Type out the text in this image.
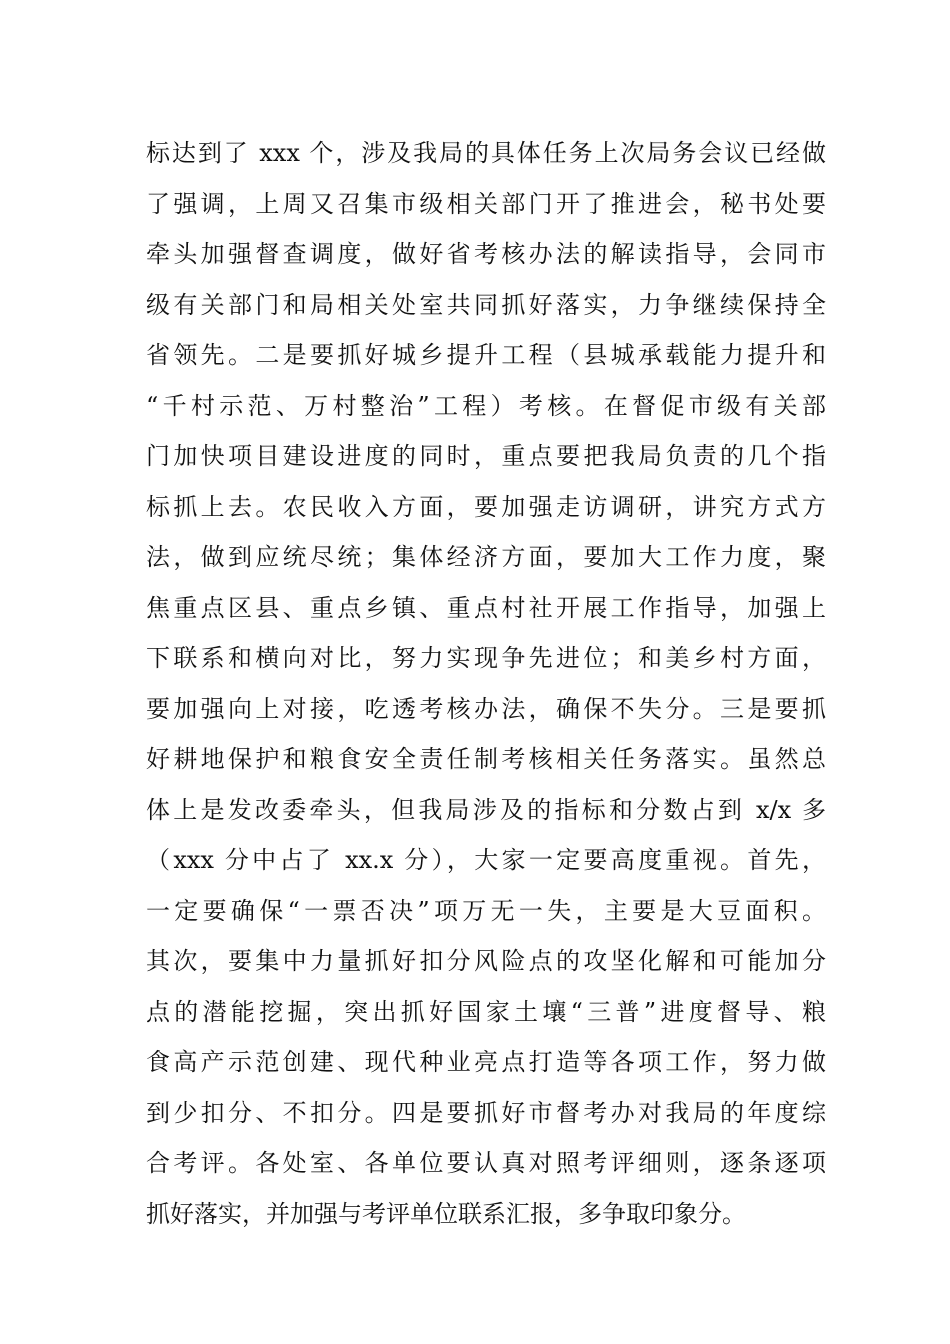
标达到了 xxx 个，涉及我局的具体任务上次局务会议已经做
了强调，上周又召集市级相关部门开了推进会，秘书处要
牵头加强督查调度，做好省考核办法的解读指导，会同市
级有关部门和局相关处室共同抓好落实，力争继续保持全
省领先。二是要抓好城乡提升工程（县城承载能力提升和
“千村示范、万村整治”工程）考核。在督促市级有关部
门加快项目建设进度的同时，重点要把我局负责的几个指
标抓上去。农民收入方面，要加强走访调研，讲究方式方
法，做到应统尽统；集体经济方面，要加大工作力度，聚
焦重点区县、重点乡镇、重点村社开展工作指导，加强上
下联系和横向对比，努力实现争先进位；和美乡村方面，
要加强向上对接，吃透考核办法，确保不失分。三是要抓
好耕地保护和粮食安全责任制考核相关任务落实。虽然总
体上是发改委牵头，但我局涉及的指标和分数占到 x/x 多
（xxx 分中占了 xx.x 分），大家一定要高度重视。首先，
一定要确保“一票否决”项万无一失，主要是大豆面积。
其次，要集中力量抓好扣分风险点的攻坚化解和可能加分
点的潜能挖掘，突出抓好国家土壤“三普”进度督导、粮
食高产示范创建、现代种业亮点打造等各项工作，努力做
到少扣分、不扣分。四是要抓好市督考办对我局的年度综
合考评。各处室、各单位要认真对照考评细则，逐条逐项
抓好落实，并加强与考评单位联系汇报，多争取印象分。
